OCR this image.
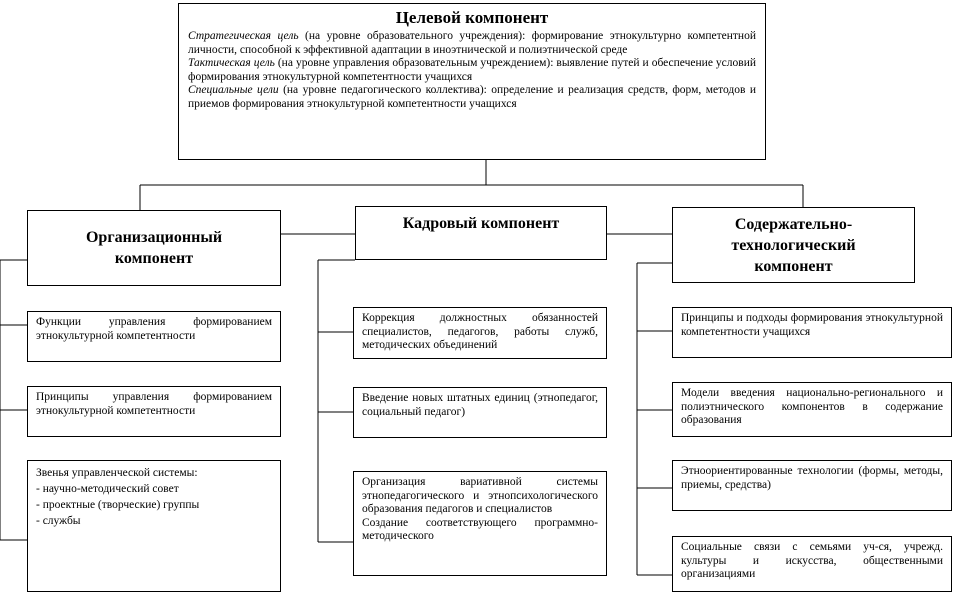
Целевой компонент

Стратегическая цель (на уровне образовательного учреждения): формирование этнокультурно компетентной личности, способной к эффективной адаптации в иноэтнической и полиэтнической среде

Тактическая цель (на уровне управления образовательным учреждением): выявление путей и обеспечение условий формирования этнокультурной компетентности учащихся

Специальные цели (на уровне педагогического коллектива): определение и реализация средств, форм, методов и приемов формирования этнокультурной компетентности учащихся

Организационный компонент
Функции управления формированием этнокультурной компетентности
Принципы управления формированием этнокультурной компетентности
Звенья управленческой системы:
- научно-методический совет
- проектные (творческие) группы
- службы
Кадровый компонент
Коррекция должностных обязанностей специалистов, педагогов, работы служб, методических объединений
Введение новых штатных единиц (этнопедагог, социальный педагог)
Организация вариативной системы этнопедагогического и этнопсихологического образования педагогов и специалистов
Создание соответствующего программно-методического
Содержательно-технологический компонент
Принципы и подходы формирования этнокультурной компетентности учащихся
Модели введения национально-регионального и полиэтнического компонентов в содержание образования
Этноориентированные технологии (формы, методы, приемы, средства)
Социальные связи с семьями уч-ся, учрежд. культуры и искусства, общественными организациями
